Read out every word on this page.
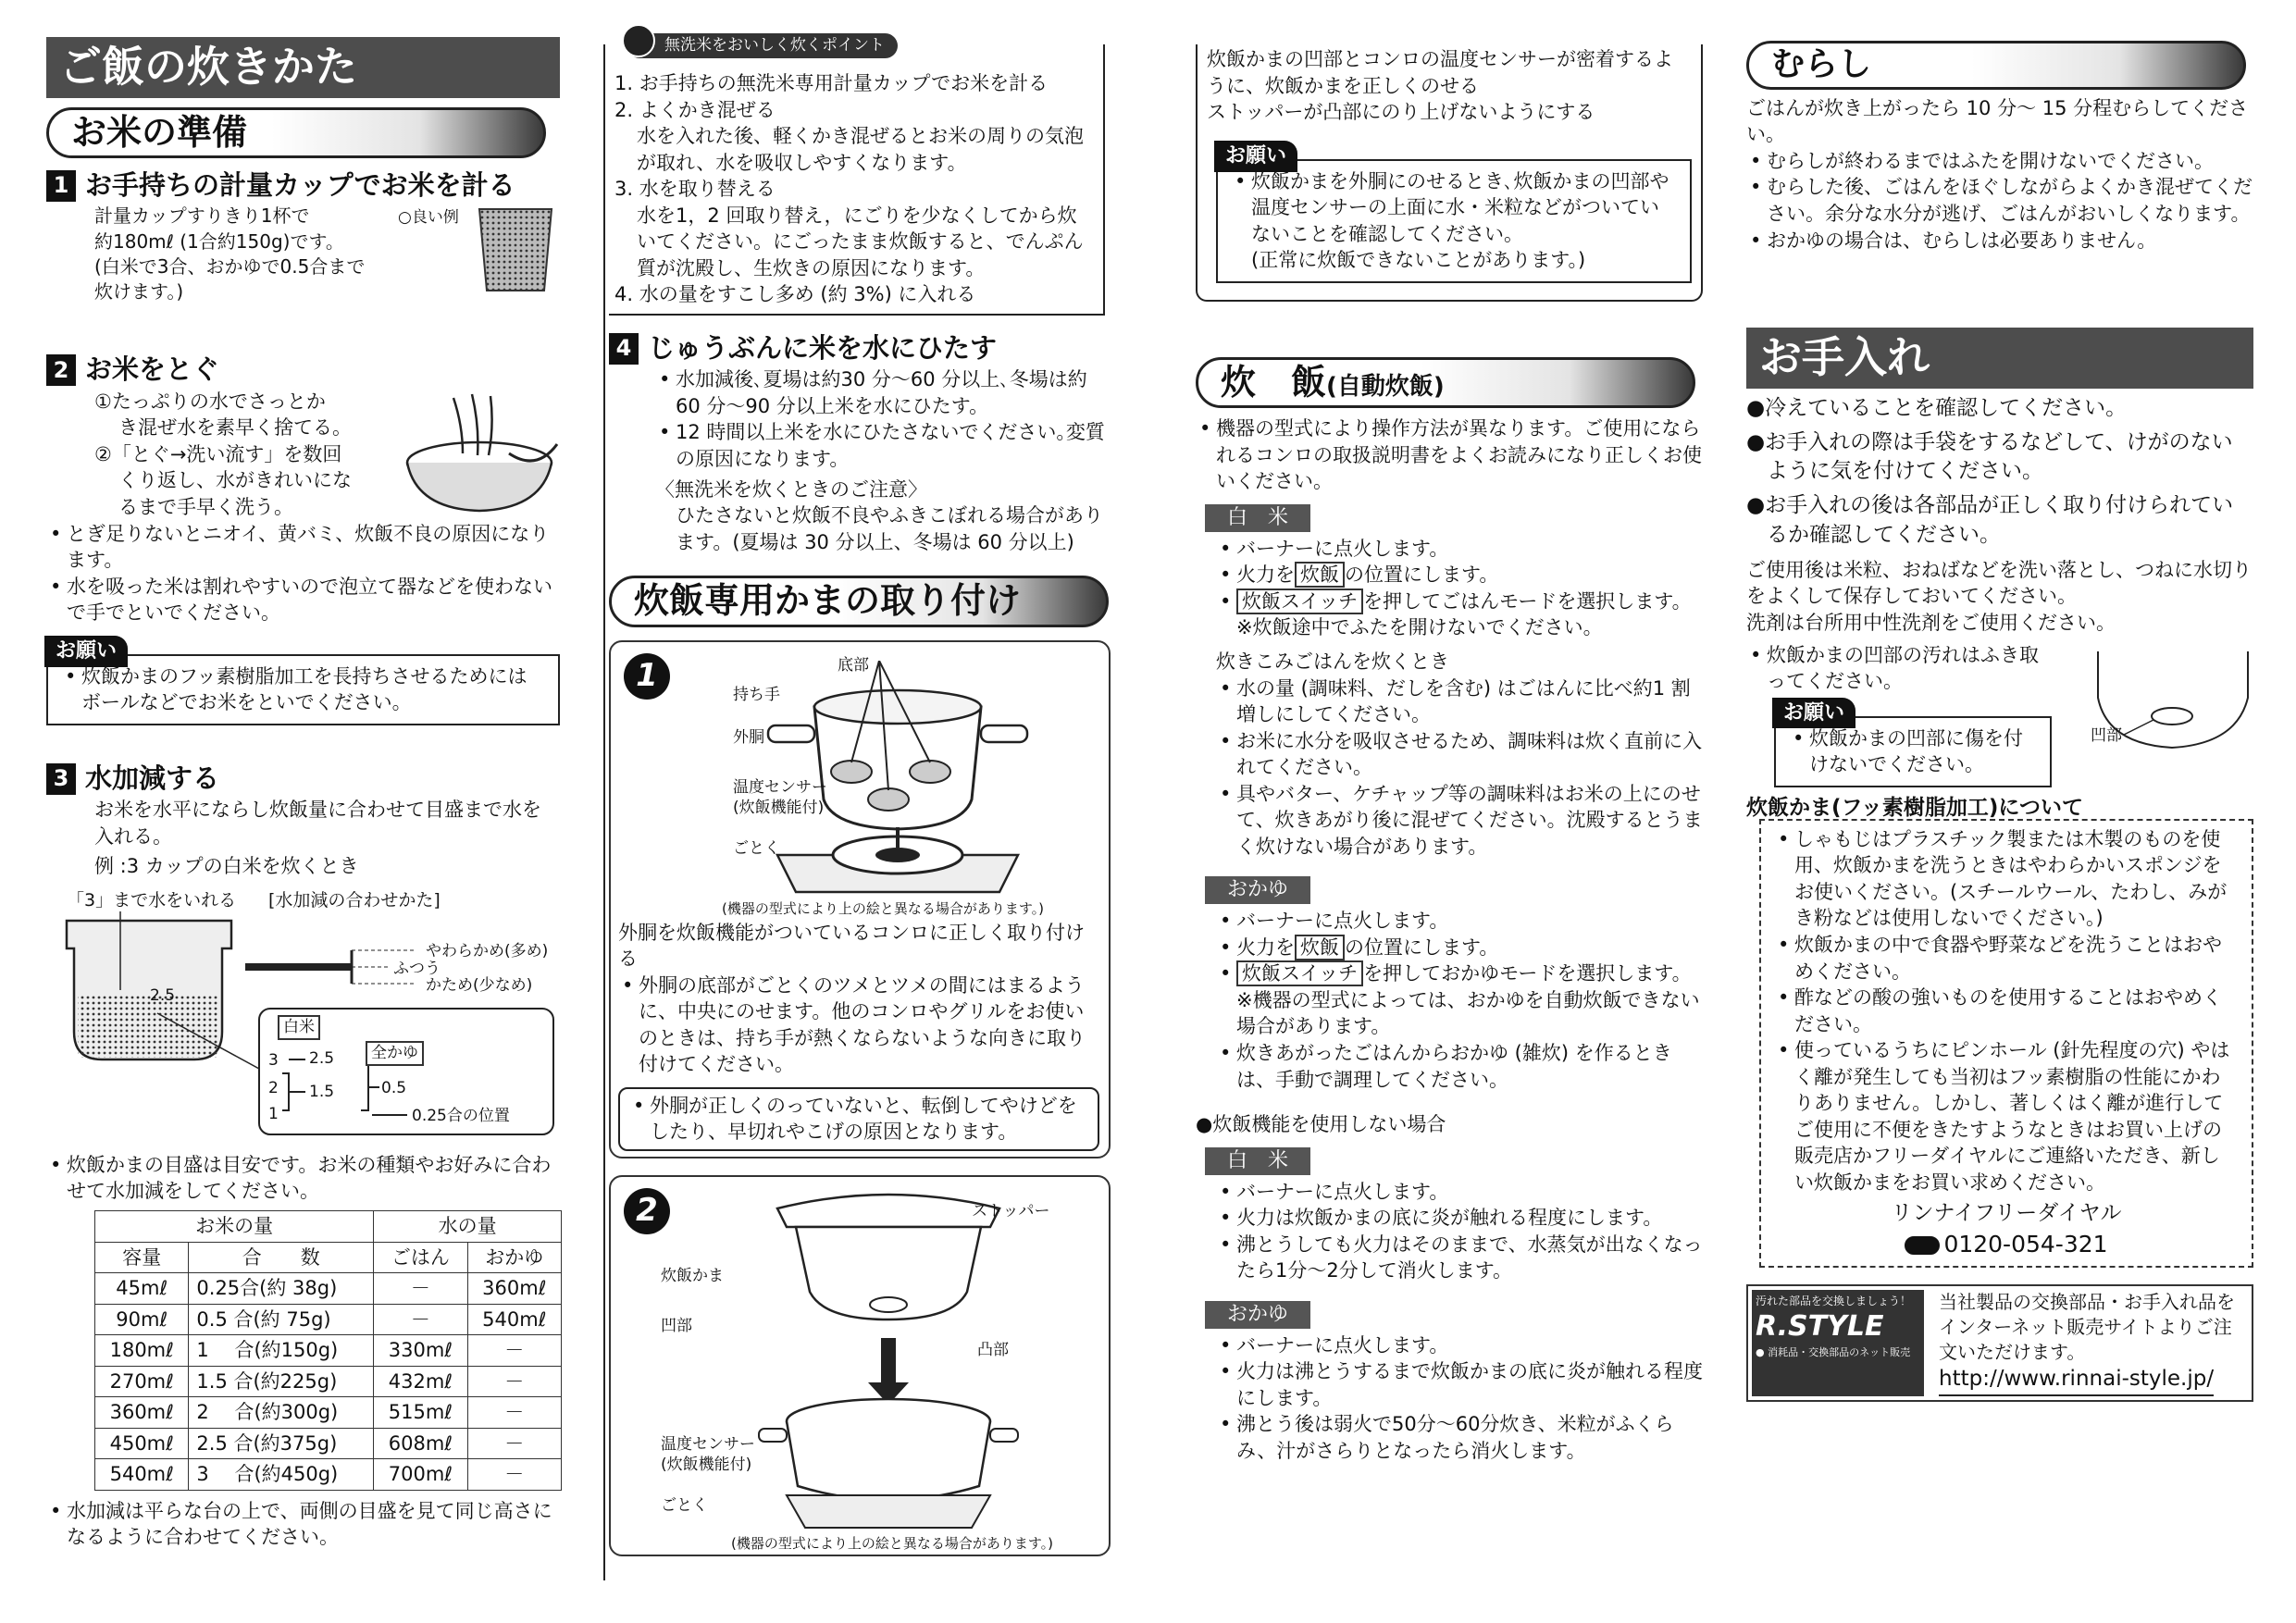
ご飯の炊きかた
お米の準備
1 お手持ちの計量カップでお米を計る

計量カップすりきり1杯で

約180mℓ (1合約150g)です。

(白米で3合、おかゆで0.5合まで

炊けます。)

○良い例
2 お米をとぐ

①たっぷりの水でさっとか

き混ぜ水を素早く捨てる。

②「とぐ→洗い流す」を数回

くり返し、水がきれいにな

るまで手早く洗う。

• とぎ足りないとニオイ、黄バミ、炊飯不良の原因になります。
• 水を吸った米は割れやすいので泡立て器などを使わないで手でといでください。
お願い
• 炊飯かまのフッ素樹脂加工を長持ちさせるためにはボールなどでお米をといでください。
3 水加減する

お米を水平にならし炊飯量に合わせて目盛まで水を入れる。

例 :3 カップの白米を炊くとき

「3」まで水をいれる [水加減の合わせかた]
やわらかめ(多め)
ふつう
かため(少なめ)
2.5
白米
全かゆ
3
2
1
2.5
1.5	0.5
0.25合の位置
• 炊飯かまの目盛は目安です。お米の種類やお好みに合わせて水加減をしてください。
お米の量		水の量	
容量	合　　数	ごはん	おかゆ
45mℓ	0.25合(約 38g)	－	360mℓ
90mℓ	0.5 合(約 75g)	－	540mℓ
180mℓ	1　 合(約150g)	330mℓ	－
270mℓ	1.5 合(約225g)	432mℓ	－
360mℓ	2　 合(約300g)	515mℓ	－
450mℓ	2.5 合(約375g)	608mℓ	－
540mℓ	3　 合(約450g)	700mℓ	－
• 水加減は平らな台の上で、両側の目盛を見て同じ高さになるように合わせてください。
無洗米をおいしく炊くポイント

1. お手持ちの無洗米専用計量カップでお米を計る

2. よくかき混ぜる

水を入れた後、軽くかき混ぜるとお米の周りの気泡が取れ、水を吸収しやすくなります。

3. 水を取り替える

水を1，2 回取り替え，にごりを少なくしてから炊いてください。にごったまま炊飯すると、でんぷん質が沈殿し、生炊きの原因になります。

4. 水の量をすこし多め (約 3%) に入れる

4 じゅうぶんに米を水にひたす
• 水加減後､夏場は約30 分～60 分以上､冬場は約60 分～90 分以上米を水にひたす。
• 12 時間以上米を水にひたさないでください｡変質の原因になります。

〈無洗米を炊くときのご注意〉

ひたさないと炊飯不良やふきこぼれる場合があります。(夏場は 30 分以上、冬場は 60 分以上)

炊飯専用かまの取り付け
1	底部
持ち手
外胴
温度センサー
(炊飯機能付)
ごとく
(機器の型式により上の絵と異なる場合があります。)

外胴を炊飯機能がついているコンロに正しく取り付ける

• 外胴の底部がごとくのツメとツメの間にはまるように、中央にのせます。他のコンロやグリルをお使いのときは、持ち手が熱くならないような向きに取り付けてください。
• 外胴が正しくのっていないと、転倒してやけどをしたり、早切れやこげの原因となります。
2	ストッパー
炊飯かま
凹部
凸部
温度センサー
(炊飯機能付)
ごとく
(機器の型式により上の絵と異なる場合があります。)

炊飯かまの凹部とコンロの温度センサーが密着するように、炊飯かまを正しくのせる

ストッパーが凸部にのり上げないようにする

お願い
• 炊飯かまを外胴にのせるとき､炊飯かまの凹部や温度センサーの上面に水・米粒などがついていないことを確認してください。

(正常に炊飯できないことがあります。)

炊　飯(自動炊飯)
• 機器の型式により操作方法が異なります。ご使用になられるコンロの取扱説明書をよくお読みになり正しくお使いください。
白　米
• バーナーに点火します。
• 火力を 炊飯 の位置にします。
• 炊飯スイッチ を押してごはんモードを選択します。

※炊飯途中でふたを開けないでください。

炊きこみごはんを炊くとき

• 水の量 (調味料、だしを含む) はごはんに比べ約1 割増しにしてください。
• お米に水分を吸収させるため、調味料は炊く直前に入れてください。
• 具やバター、ケチャップ等の調味料はお米の上にのせて、炊きあがり後に混ぜてください。沈殿するとうまく炊けない場合があります。
おかゆ
• バーナーに点火します。
• 火力を 炊飯 の位置にします。
• 炊飯スイッチ を押しておかゆモードを選択します。

※機器の型式によっては、おかゆを自動炊飯できない場合があります。

• 炊きあがったごはんからおかゆ (雑炊) を作るときは、手動で調理してください。

●炊飯機能を使用しない場合

白　米
• バーナーに点火します。
• 火力は炊飯かまの底に炎が触れる程度にします。
• 沸とうしても火力はそのままで、水蒸気が出なくなったら1分～2分して消火します。
おかゆ
• バーナーに点火します。
• 火力は沸とうするまで炊飯かまの底に炎が触れる程度にします。
• 沸とう後は弱火で50分～60分炊き、米粒がふくらみ、汁がさらりとなったら消火します。
むらし

ごはんが炊き上がったら 10 分～ 15 分程むらしてください。

• むらしが終わるまではふたを開けないでください。
• むらした後、ごはんをほぐしながらよくかき混ぜてください。余分な水分が逃げ、ごはんがおいしくなります。
• おかゆの場合は、むらしは必要ありません。
お手入れ

●冷えていることを確認してください。

●お手入れの際は手袋をするなどして、けがのないように気を付けてください。

●お手入れの後は各部品が正しく取り付けられているか確認してください。

ご使用後は米粒、おねばなどを洗い落とし、つねに水切りをよくして保存しておいてください。

洗剤は台所用中性洗剤をご使用ください。

• 炊飯かまの凹部の汚れはふき取ってください。
凹部
お願い
• 炊飯かまの凹部に傷を付けないでください。

炊飯かま(フッ素樹脂加工)について

• しゃもじはプラスチック製または木製のものを使用、炊飯かまを洗うときはやわらかいスポンジをお使いください。(スチールウール、たわし、みがき粉などは使用しないでください。)
• 炊飯かまの中で食器や野菜などを洗うことはおやめください。
• 酢などの酸の強いものを使用することはおやめください。
• 使っているうちにピンホール (針先程度の穴) やはく離が発生しても当初はフッ素樹脂の性能にかわりありません。しかし、著しくはく離が進行してご使用に不便をきたすようなときはお買い上げの販売店かフリーダイヤルにご連絡いただき、新しい炊飯かまをお買い求めください。

リンナイフリーダイヤル

0120-054-321

汚れた部品を交換しましょう！

R.STYLE

● 消耗品・交換部品のネット販売

当社製品の交換部品・お手入れ品をインターネット販売サイトよりご注文いただけます。

http://www.rinnai-style.jp/
